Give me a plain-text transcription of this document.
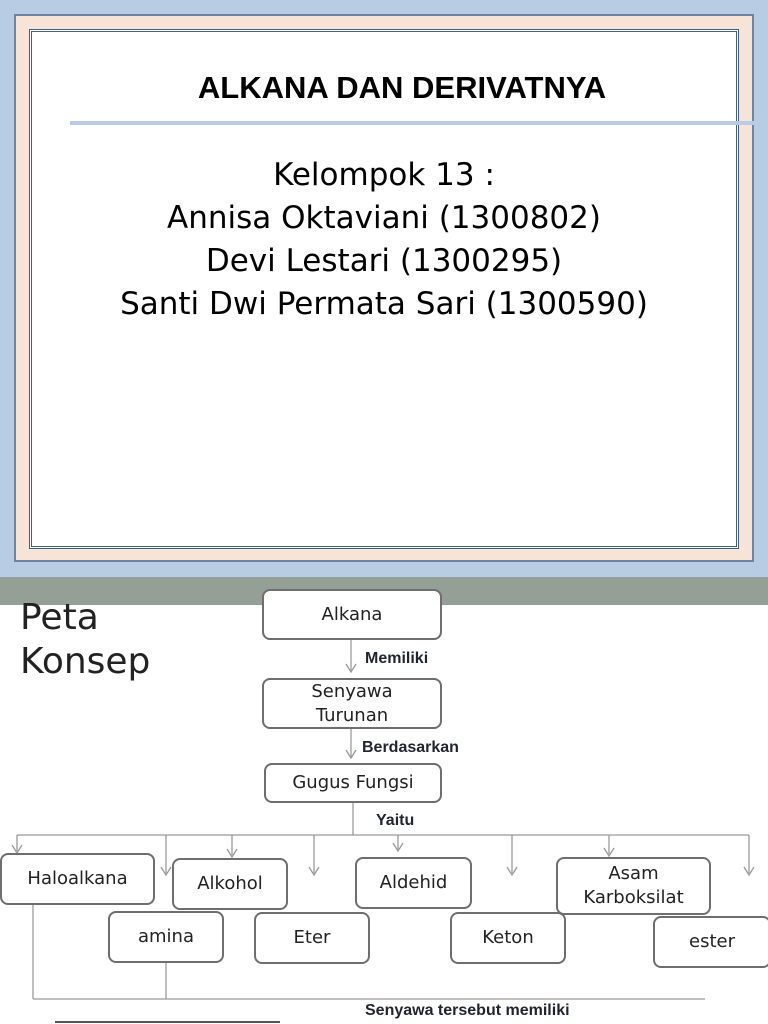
ALKANA DAN DERIVATNYA
Kelompok 13 :
Annisa Oktaviani (1300802)
Devi Lestari (1300295)
Santi Dwi Permata Sari (1300590)
Peta
Konsep
Alkana
Senyawa
Turunan
Gugus Fungsi
Haloalkana	Alkohol	Aldehid	Asam
Karboksilat
amina	Eter	Keton	ester
Memiliki
Berdasarkan
Yaitu
Senyawa tersebut memiliki
